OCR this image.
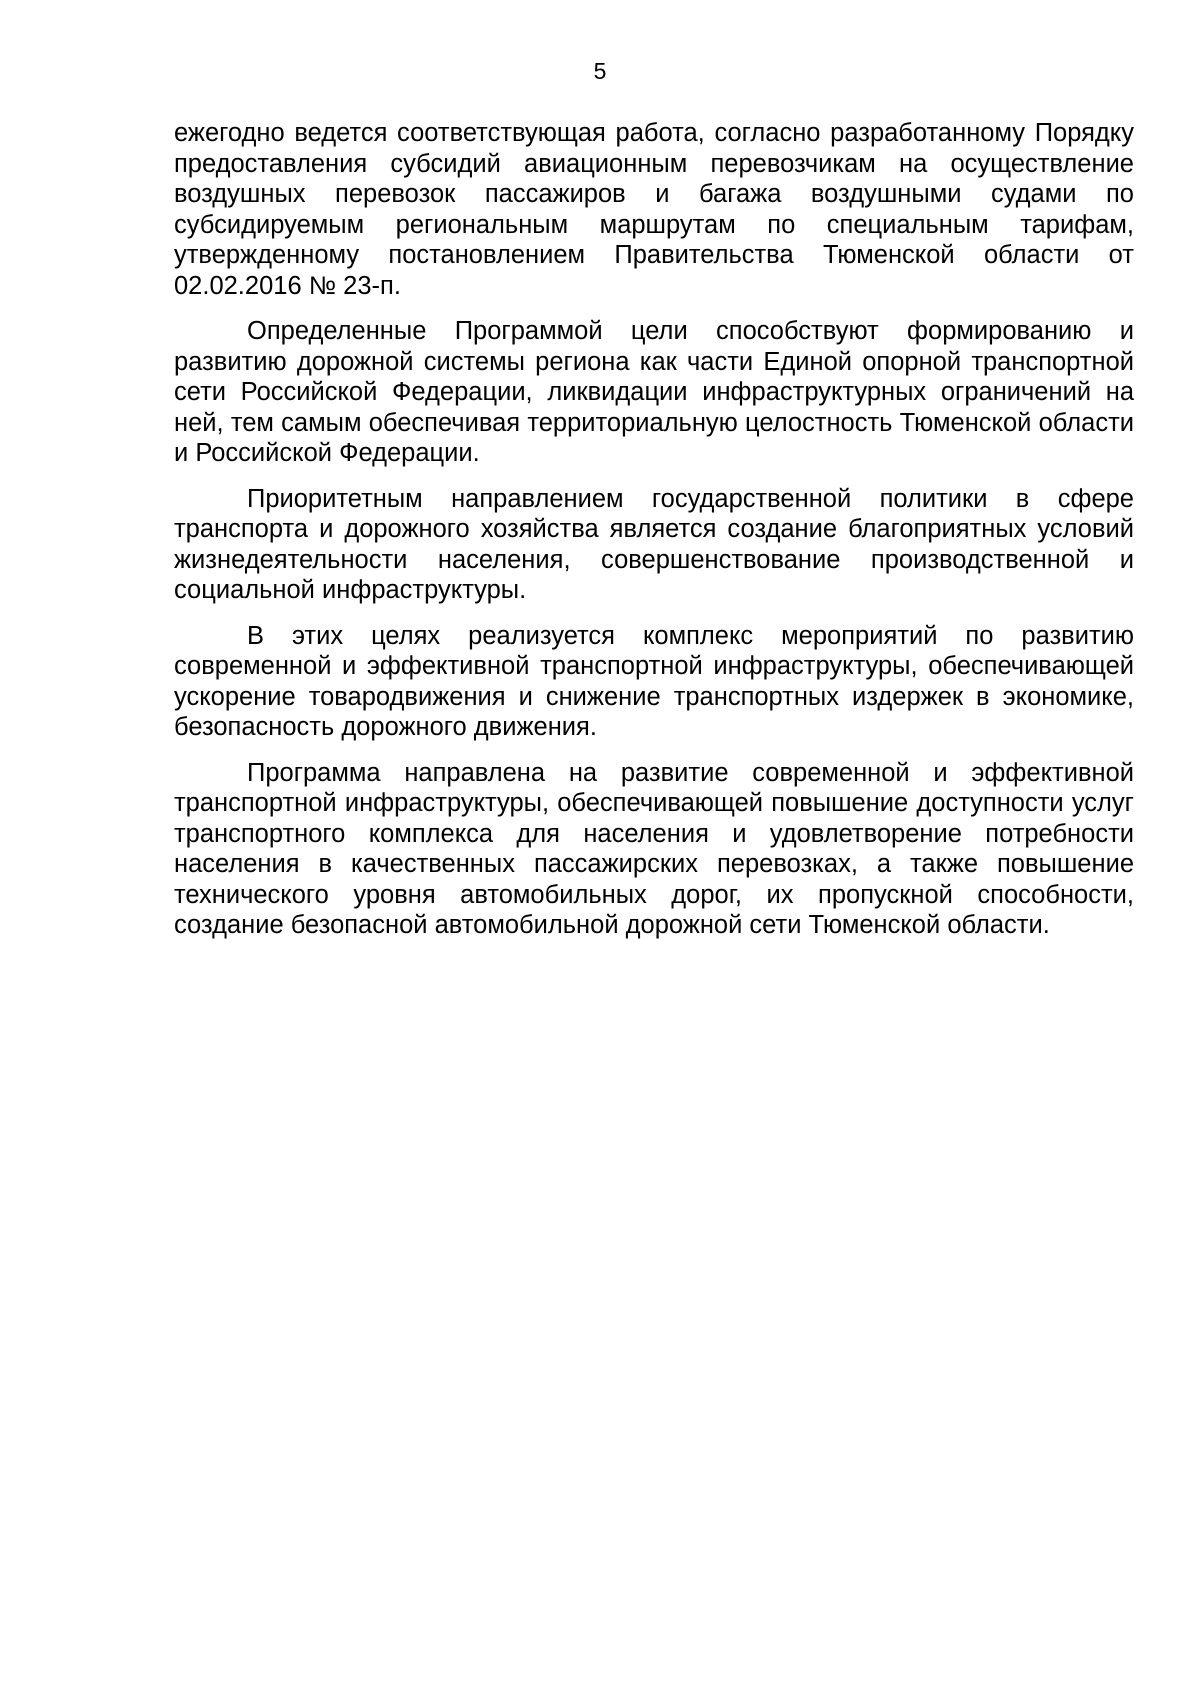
5

ежегодно ведется соответствующая работа, согласно разработанному Порядку предоставления субсидий авиационным перевозчикам на осуществление воздушных перевозок пассажиров и багажа воздушными судами по субсидируемым региональным маршрутам по специальным тарифам, утвержденному постановлением Правительства Тюменской области от 02.02.2016 № 23-п.

Определенные Программой цели способствуют формированию и развитию дорожной системы региона как части Единой опорной транспортной сети Российской Федерации, ликвидации инфраструктурных ограничений на ней, тем самым обеспечивая территориальную целостность Тюменской области и Российской Федерации.

Приоритетным направлением государственной политики в сфере транспорта и дорожного хозяйства является создание благоприятных условий жизнедеятельности населения, совершенствование производственной и социальной инфраструктуры.

В этих целях реализуется комплекс мероприятий по развитию современной и эффективной транспортной инфраструктуры, обеспечивающей ускорение товародвижения и снижение транспортных издержек в экономике, безопасность дорожного движения.

Программа направлена на развитие современной и эффективной транспортной инфраструктуры, обеспечивающей повышение доступности услуг транспортного комплекса для населения и удовлетворение потребности населения в качественных пассажирских перевозках, а также повышение технического уровня автомобильных дорог, их пропускной способности, создание безопасной автомобильной дорожной сети Тюменской области.
